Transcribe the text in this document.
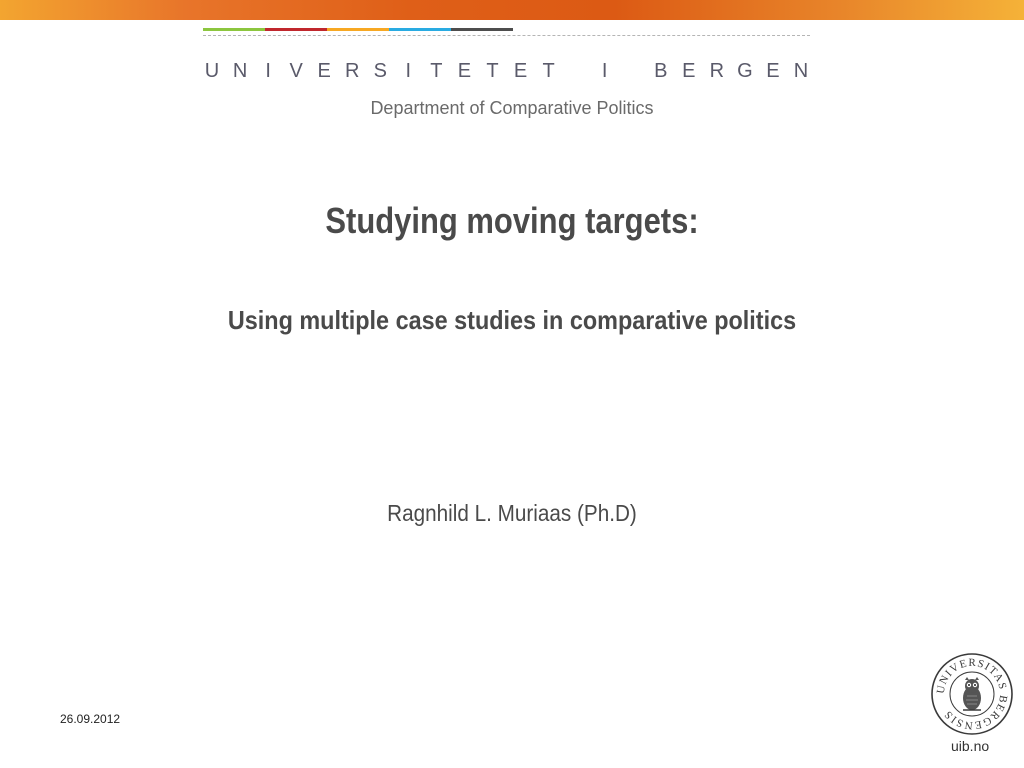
U N I V E R S I T E T E T	I	B E R G E N
Department of Comparative Politics
Studying moving targets:
Using multiple case studies in comparative politics
Ragnhild L. Muriaas (Ph.D)
26.09.2012
UNIVERSITAS BERGENSIS
uib.no
